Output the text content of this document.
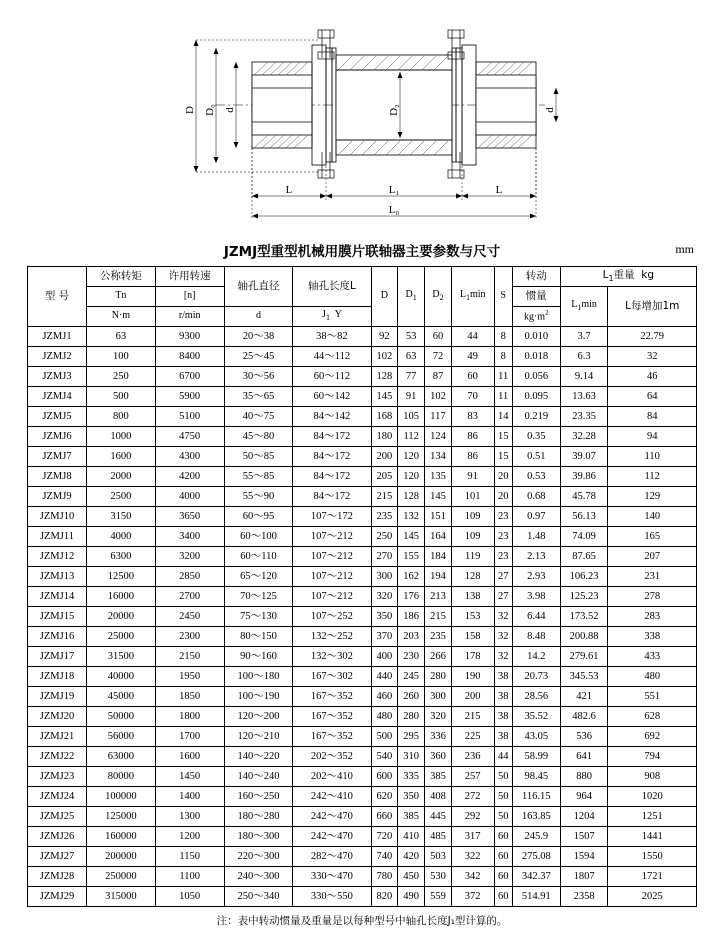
D D₀ d	D₂	d
L	L₁	L
L₀
JZMJ型重型机械用膜片联轴器主要参数与尺寸	mm
型 号	公称转矩	许用转速	轴孔直径	轴孔长度L	D	$D_1$	$D_2$	$L_1\min$	S	转动	$L_1$重量  kg	
	Tn	[n]								惯量	$L_1\min$	L每增加1m
	N·m	r/min	d	$J_1$  Y						$kg\cdot m^2$
JZMJ1	63	9300	20～38	38～82	92	53	60	44	8	0.010	3.7	22.79
JZMJ2	100	8400	25～45	44～112	102	63	72	49	8	0.018	6.3	32
JZMJ3	250	6700	30～56	60～112	128	77	87	60	11	0.056	9.14	46
JZMJ4	500	5900	35～65	60～142	145	91	102	70	11	0.095	13.63	64
JZMJ5	800	5100	40～75	84～142	168	105	117	83	14	0.219	23.35	84
JZMJ6	1000	4750	45～80	84～172	180	112	124	86	15	0.35	32.28	94
JZMJ7	1600	4300	50～85	84～172	200	120	134	86	15	0.51	39.07	110
JZMJ8	2000	4200	55～85	84～172	205	120	135	91	20	0.53	39.86	112
JZMJ9	2500	4000	55～90	84～172	215	128	145	101	20	0.68	45.78	129
JZMJ10	3150	3650	60～95	107～172	235	132	151	109	23	0.97	56.13	140
JZMJ11	4000	3400	60～100	107～212	250	145	164	109	23	1.48	74.09	165
JZMJ12	6300	3200	60～110	107～212	270	155	184	119	23	2.13	87.65	207
JZMJ13	12500	2850	65～120	107～212	300	162	194	128	27	2.93	106.23	231
JZMJ14	16000	2700	70～125	107～212	320	176	213	138	27	3.98	125.23	278
JZMJ15	20000	2450	75～130	107～252	350	186	215	153	32	6.44	173.52	283
JZMJ16	25000	2300	80～150	132～252	370	203	235	158	32	8.48	200.88	338
JZMJ17	31500	2150	90～160	132～302	400	230	266	178	32	14.2	279.61	433
JZMJ18	40000	1950	100～180	167～302	440	245	280	190	38	20.73	345.53	480
JZMJ19	45000	1850	100～190	167～352	460	260	300	200	38	28.56	421	551
JZMJ20	50000	1800	120～200	167～352	480	280	320	215	38	35.52	482.6	628
JZMJ21	56000	1700	120～210	167～352	500	295	336	225	38	43.05	536	692
JZMJ22	63000	1600	140～220	202～352	540	310	360	236	44	58.99	641	794
JZMJ23	80000	1450	140～240	202～410	600	335	385	257	50	98.45	880	908
JZMJ24	100000	1400	160～250	242～410	620	350	408	272	50	116.15	964	1020
JZMJ25	125000	1300	180～280	242～470	660	385	445	292	50	163.85	1204	1251
JZMJ26	160000	1200	180～300	242～470	720	410	485	317	60	245.9	1507	1441
JZMJ27	200000	1150	220～300	282～470	740	420	503	322	60	275.08	1594	1550
JZMJ28	250000	1100	240～300	330～470	780	450	530	342	60	342.37	1807	1721
JZMJ29	315000	1050	250～340	330～550	820	490	559	372	60	514.91	2358	2025
注：表中转动惯量及重量是以每种型号中轴孔长度J₁型计算的。
